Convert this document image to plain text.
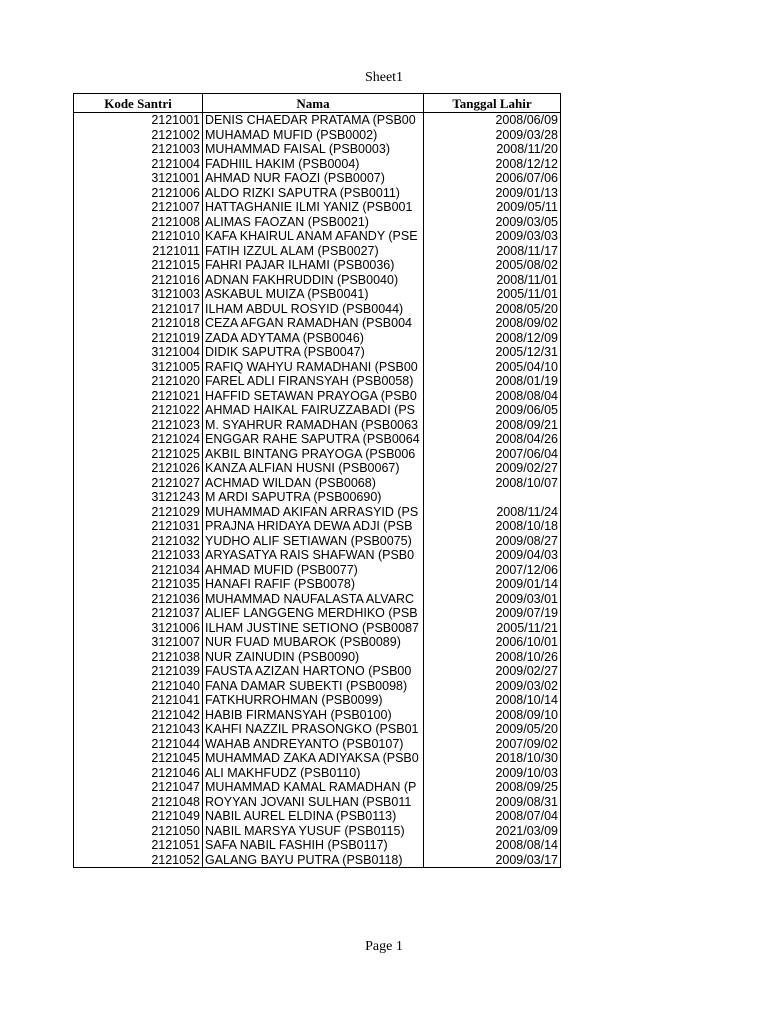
Sheet1
Kode Santri	Nama	Tanggal Lahir
2121001	DENIS CHAEDAR PRATAMA (PSB00	2008/06/09
2121002	MUHAMAD MUFID (PSB0002)	2009/03/28
2121003	MUHAMMAD FAISAL (PSB0003)	2008/11/20
2121004	FADHIIL HAKIM (PSB0004)	2008/12/12
3121001	AHMAD NUR FAOZI (PSB0007)	2006/07/06
2121006	ALDO RIZKI SAPUTRA (PSB0011)	2009/01/13
2121007	HATTAGHANIE ILMI YANIZ (PSB001	2009/05/11
2121008	ALIMAS FAOZAN (PSB0021)	2009/03/05
2121010	KAFA KHAIRUL ANAM AFANDY (PSE	2009/03/03
2121011	FATIH IZZUL ALAM (PSB0027)	2008/11/17
2121015	FAHRI PAJAR ILHAMI (PSB0036)	2005/08/02
2121016	ADNAN FAKHRUDDIN (PSB0040)	2008/11/01
3121003	ASKABUL MUIZA (PSB0041)	2005/11/01
2121017	ILHAM ABDUL ROSYID (PSB0044)	2008/05/20
2121018	CEZA AFGAN RAMADHAN (PSB004	2008/09/02
2121019	ZADA ADYTAMA (PSB0046)	2008/12/09
3121004	DIDIK SAPUTRA (PSB0047)	2005/12/31
3121005	RAFIQ WAHYU RAMADHANI (PSB00	2005/04/10
2121020	FAREL ADLI FIRANSYAH (PSB0058)	2008/01/19
2121021	HAFFID SETAWAN PRAYOGA (PSB0	2008/08/04
2121022	AHMAD HAIKAL FAIRUZZABADI (PS	2009/06/05
2121023	M. SYAHRUR RAMADHAN (PSB0063	2008/09/21
2121024	ENGGAR RAHE SAPUTRA (PSB0064	2008/04/26
2121025	AKBIL BINTANG PRAYOGA (PSB006	2007/06/04
2121026	KANZA ALFIAN HUSNI (PSB0067)	2009/02/27
2121027	ACHMAD WILDAN (PSB0068)	2008/10/07
3121243	M ARDI SAPUTRA (PSB00690)	
2121029	MUHAMMAD AKIFAN ARRASYID (PS	2008/11/24
2121031	PRAJNA HRIDAYA DEWA ADJI (PSB	2008/10/18
2121032	YUDHO ALIF SETIAWAN (PSB0075)	2009/08/27
2121033	ARYASATYA RAIS SHAFWAN (PSB0	2009/04/03
2121034	AHMAD MUFID (PSB0077)	2007/12/06
2121035	HANAFI RAFIF (PSB0078)	2009/01/14
2121036	MUHAMMAD NAUFALASTA ALVARC	2009/03/01
2121037	ALIEF LANGGENG MERDHIKO (PSB	2009/07/19
3121006	ILHAM JUSTINE SETIONO (PSB0087	2005/11/21
3121007	NUR FUAD MUBAROK (PSB0089)	2006/10/01
2121038	NUR ZAINUDIN (PSB0090)	2008/10/26
2121039	FAUSTA AZIZAN HARTONO (PSB00	2009/02/27
2121040	FANA DAMAR SUBEKTI (PSB0098)	2009/03/02
2121041	FATKHURROHMAN (PSB0099)	2008/10/14
2121042	HABIB FIRMANSYAH (PSB0100)	2008/09/10
2121043	KAHFI NAZZIL PRASONGKO (PSB01	2009/05/20
2121044	WAHAB ANDREYANTO (PSB0107)	2007/09/02
2121045	MUHAMMAD ZAKA ADIYAKSA (PSB0	2018/10/30
2121046	ALI MAKHFUDZ (PSB0110)	2009/10/03
2121047	MUHAMMAD KAMAL RAMADHAN (P	2008/09/25
2121048	ROYYAN JOVANI SULHAN (PSB011	2009/08/31
2121049	NABIL AUREL ELDINA (PSB0113)	2008/07/04
2121050	NABIL MARSYA YUSUF (PSB0115)	2021/03/09
2121051	SAFA NABIL FASHIH (PSB0117)	2008/08/14
2121052	GALANG BAYU PUTRA (PSB0118)	2009/03/17
Page 1
